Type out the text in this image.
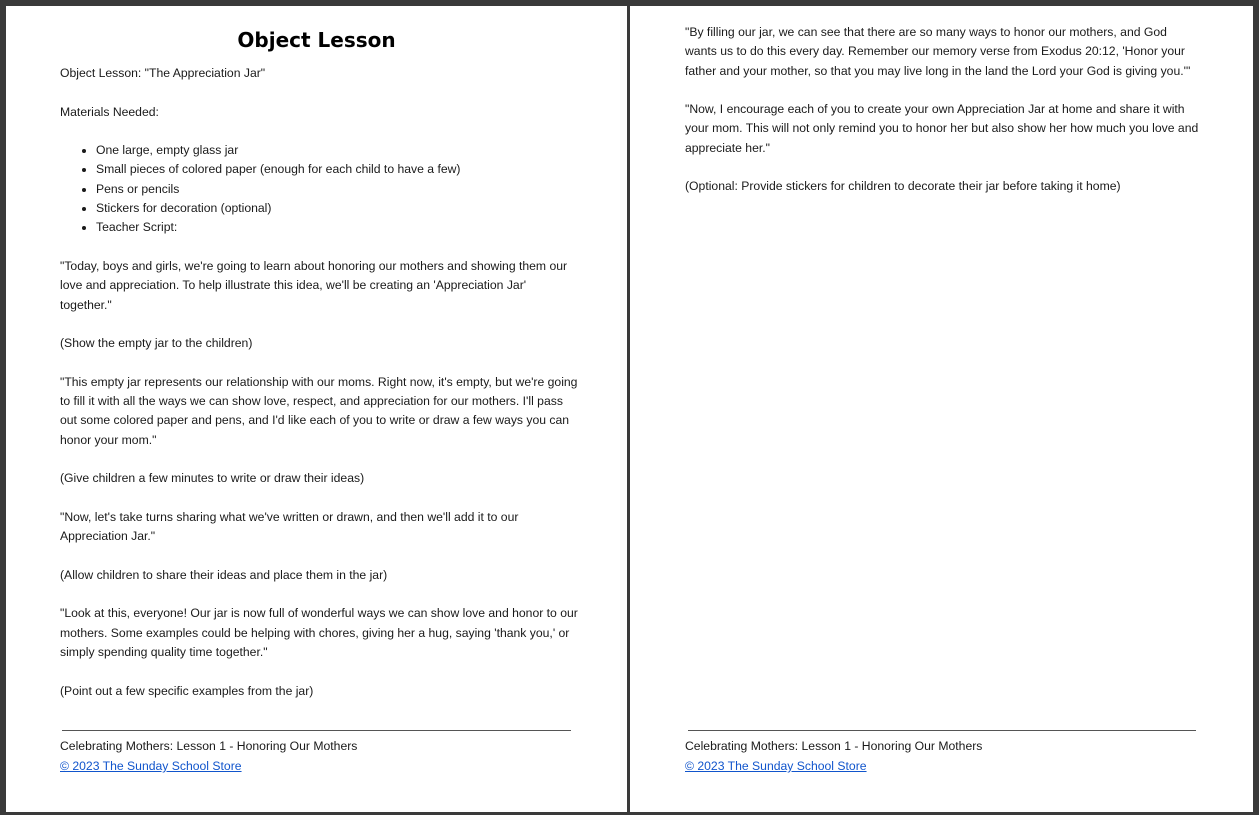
Object Lesson

Object Lesson: "The Appreciation Jar"

Materials Needed:

• One large, empty glass jar
• Small pieces of colored paper (enough for each child to have a few)
• Pens or pencils
• Stickers for decoration (optional)
• Teacher Script:

"Today, boys and girls, we're going to learn about honoring our mothers and showing them our love and appreciation. To help illustrate this idea, we'll be creating an 'Appreciation Jar' together."

(Show the empty jar to the children)

"This empty jar represents our relationship with our moms. Right now, it's empty, but we're going to fill it with all the ways we can show love, respect, and appreciation for our mothers. I'll pass out some colored paper and pens, and I'd like each of you to write or draw a few ways you can honor your mom."

(Give children a few minutes to write or draw their ideas)

"Now, let's take turns sharing what we've written or drawn, and then we'll add it to our Appreciation Jar."

(Allow children to share their ideas and place them in the jar)

"Look at this, everyone! Our jar is now full of wonderful ways we can show love and honor to our mothers. Some examples could be helping with chores, giving her a hug, saying 'thank you,' or simply spending quality time together."

(Point out a few specific examples from the jar)

Celebrating Mothers: Lesson 1 - Honoring Our Mothers
© 2023 The Sunday School Store

"By filling our jar, we can see that there are so many ways to honor our mothers, and God wants us to do this every day. Remember our memory verse from Exodus 20:12, 'Honor your father and your mother, so that you may live long in the land the Lord your God is giving you.'"

"Now, I encourage each of you to create your own Appreciation Jar at home and share it with your mom. This will not only remind you to honor her but also show her how much you love and appreciate her."

(Optional: Provide stickers for children to decorate their jar before taking it home)

Celebrating Mothers: Lesson 1 - Honoring Our Mothers
© 2023 The Sunday School Store
